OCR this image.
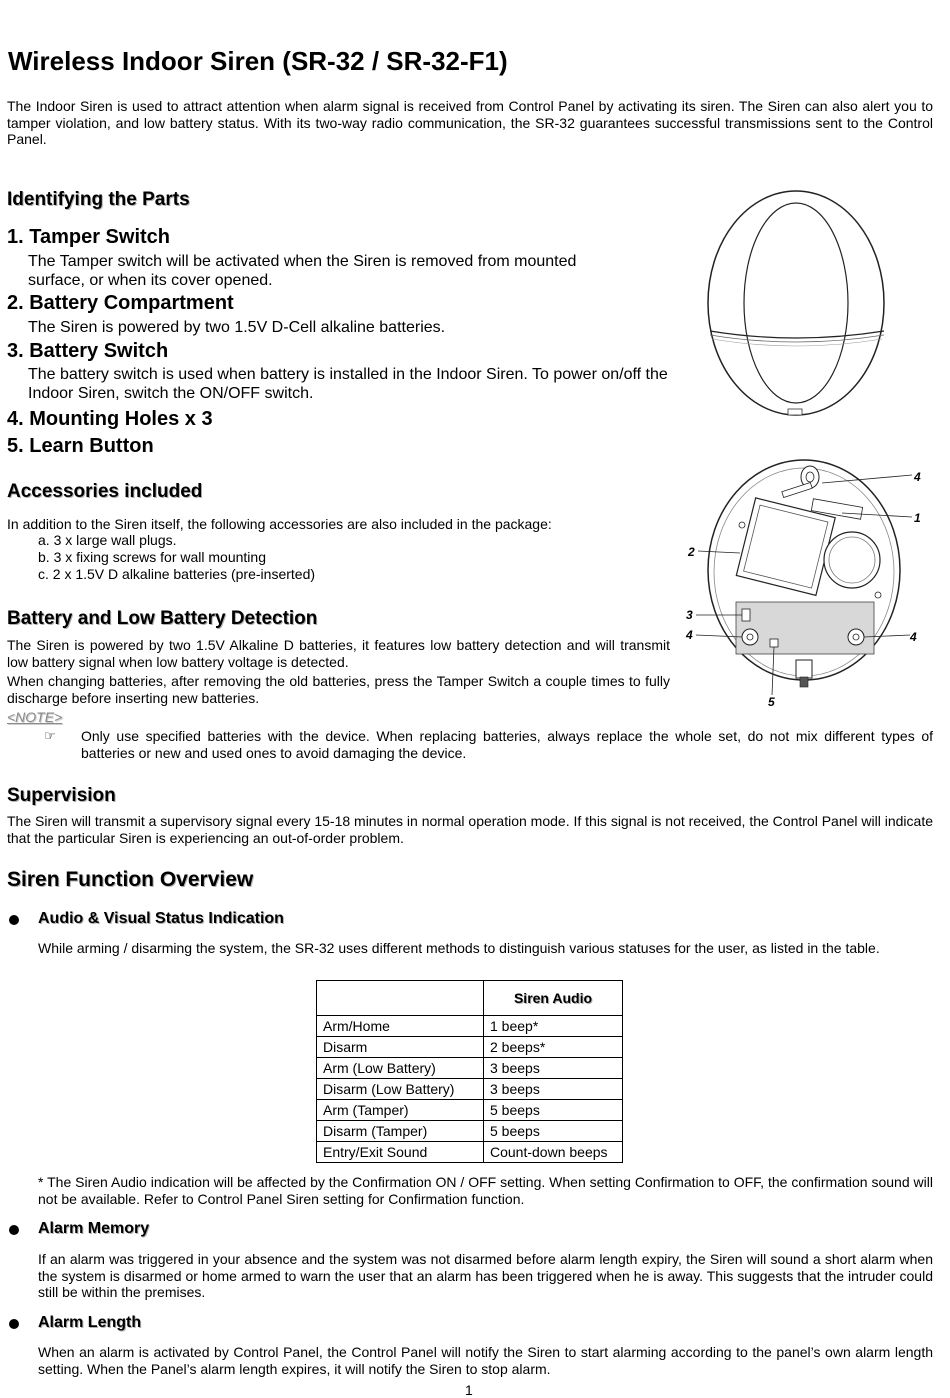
Wireless Indoor Siren (SR-32 / SR-32-F1)
The Indoor Siren is used to attract attention when alarm signal is received from Control Panel by activating its siren. The Siren can also alert you to tamper violation, and low battery status. With its two-way radio communication, the SR-32 guarantees successful transmissions sent to the Control Panel.
Identifying the Parts
1. Tamper Switch
The Tamper switch will be activated when the Siren is removed from mounted surface, or when its cover opened.
2. Battery Compartment
The Siren is powered by two 1.5V D-Cell alkaline batteries.
3. Battery Switch
The battery switch is used when battery is installed in the Indoor Siren. To power on/off the Indoor Siren, switch the ON/OFF switch.
4. Mounting Holes x 3
5. Learn Button
Accessories included
In addition to the Siren itself, the following accessories are also included in the package:
a. 3 x large wall plugs.
b. 3 x fixing screws for wall mounting
c. 2 x 1.5V D alkaline batteries (pre-inserted)
4
1
2
3
4	4
5
Battery and Low Battery Detection
The Siren is powered by two 1.5V Alkaline D batteries, it features low battery detection and will transmit low battery signal when low battery voltage is detected.
When changing batteries, after removing the old batteries, press the Tamper Switch a couple times to fully discharge before inserting new batteries.
<NOTE>
☞ Only use specified batteries with the device. When replacing batteries, always replace the whole set, do not mix different types of batteries or new and used ones to avoid damaging the device.
Supervision
The Siren will transmit a supervisory signal every 15-18 minutes in normal operation mode. If this signal is not received, the Control Panel will indicate that the particular Siren is experiencing an out-of-order problem.
Siren Function Overview
Audio & Visual Status Indication
While arming / disarming the system, the SR-32 uses different methods to distinguish various statuses for the user, as listed in the table.
	Siren Audio
Arm/Home	1 beep*
Disarm	2 beeps*
Arm (Low Battery)	3 beeps
Disarm (Low Battery)	3 beeps
Arm (Tamper)	5 beeps
Disarm (Tamper)	5 beeps
Entry/Exit Sound	Count-down beeps
* The Siren Audio indication will be affected by the Confirmation ON / OFF setting. When setting Confirmation to OFF, the confirmation sound will not be available. Refer to Control Panel Siren setting for Confirmation function.
Alarm Memory
If an alarm was triggered in your absence and the system was not disarmed before alarm length expiry, the Siren will sound a short alarm when the system is disarmed or home armed to warn the user that an alarm has been triggered when he is away. This suggests that the intruder could still be within the premises.
Alarm Length
When an alarm is activated by Control Panel, the Control Panel will notify the Siren to start alarming according to the panel’s own alarm length setting. When the Panel’s alarm length expires, it will notify the Siren to stop alarm.
1
